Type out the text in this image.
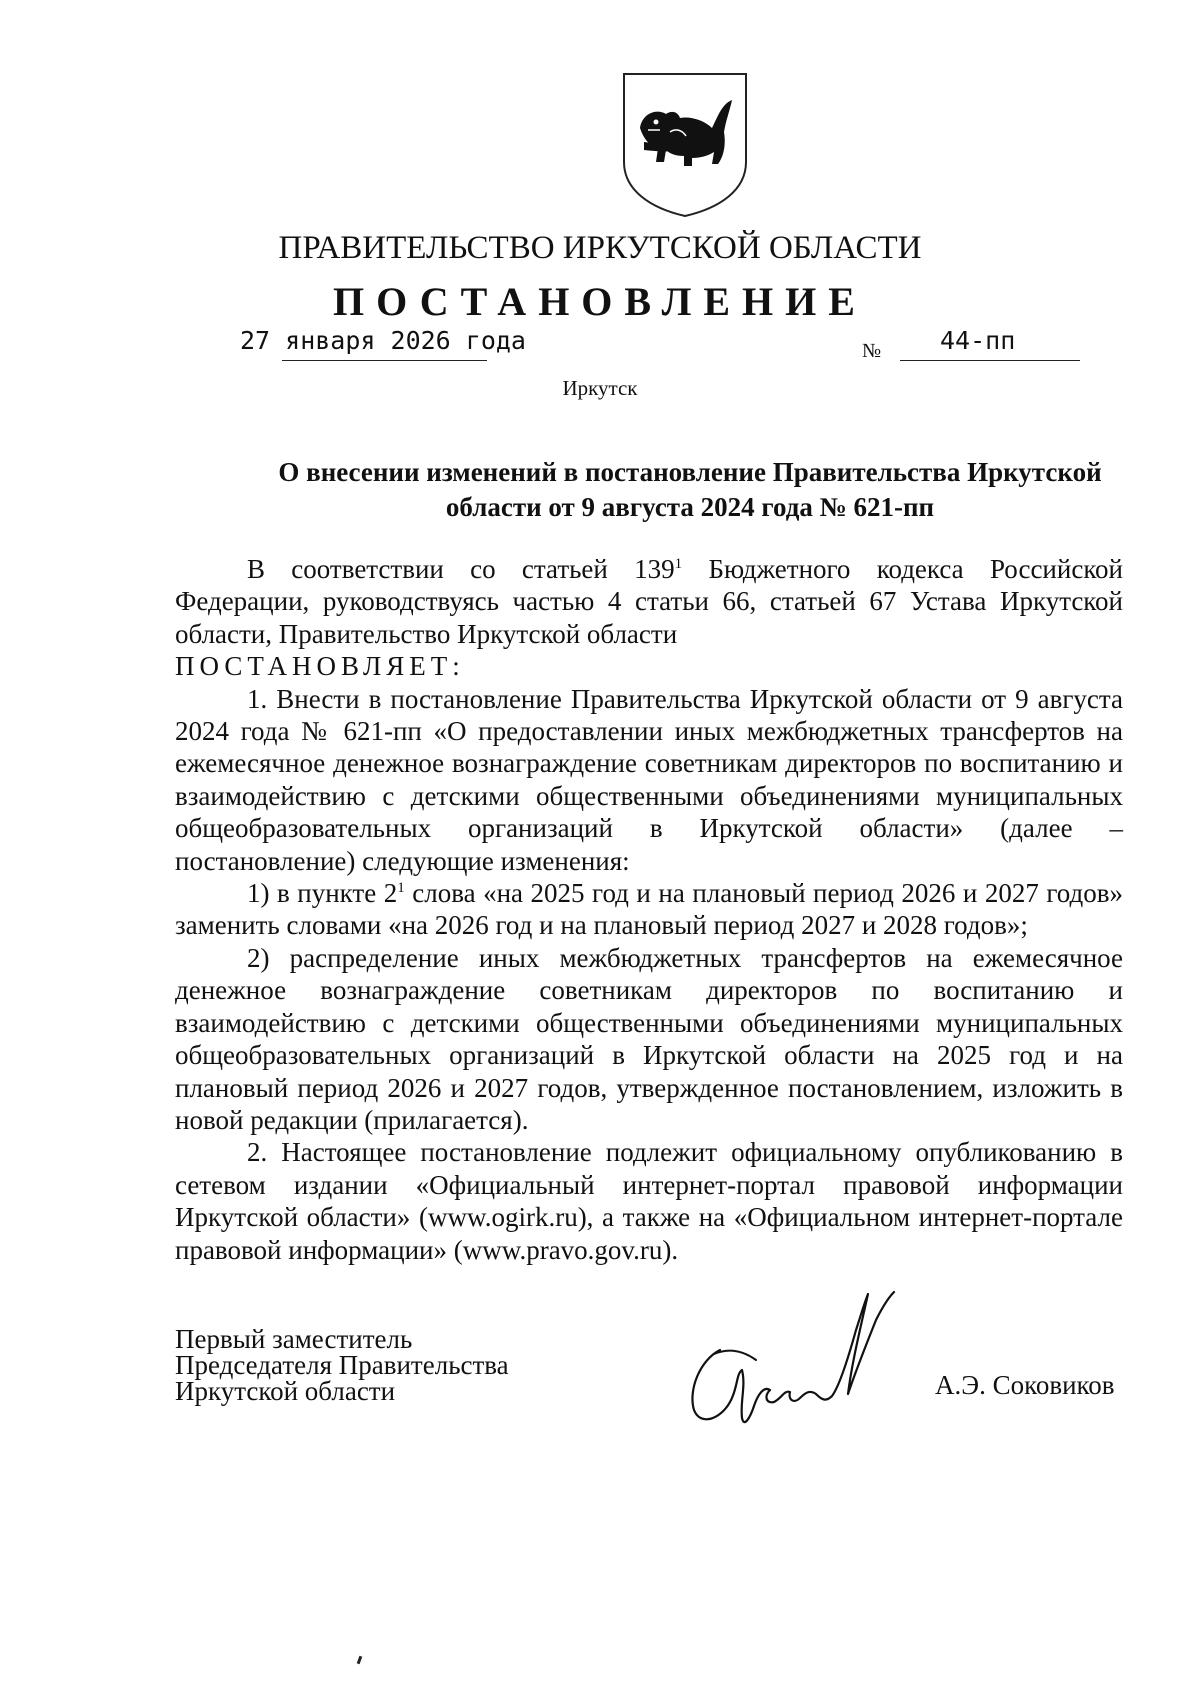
ПРАВИТЕЛЬСТВО ИРКУТСКОЙ ОБЛАСТИ
ПОСТАНОВЛЕНИЕ
27 января 2026 года	№ 44-пп
Иркутск
О внесении изменений в постановление Правительства Иркутской
области от 9 августа 2024 года № 621-пп

В соответствии со статьей $139^1$ Бюджетного кодекса Российской Федерации, руководствуясь частью 4 статьи 66, статьей 67 Устава Иркутской области, Правительство Иркутской области

ПОСТАНОВЛЯЕТ:

1. Внести в постановление Правительства Иркутской области от 9 августа 2024 года № 621-пп «О предоставлении иных межбюджетных трансфертов на ежемесячное денежное вознаграждение советникам директоров по воспитанию и взаимодействию с детскими общественными объединениями муниципальных общеобразовательных организаций в Иркутской области» (далее – постановление) следующие изменения:

1) в пункте $2^1$ слова «на 2025 год и на плановый период 2026 и 2027 годов» заменить словами «на 2026 год и на плановый период 2027 и 2028 годов»;

2) распределение иных межбюджетных трансфертов на ежемесячное денежное вознаграждение советникам директоров по воспитанию и взаимодействию с детскими общественными объединениями муниципальных общеобразовательных организаций в Иркутской области на 2025 год и на плановый период 2026 и 2027 годов, утвержденное постановлением, изложить в новой редакции (прилагается).

2. Настоящее постановление подлежит официальному опубликованию в сетевом издании «Официальный интернет-портал правовой информации Иркутской области» (www.ogirk.ru), а также на «Официальном интернет-портале правовой информации» (www.pravo.gov.ru).

Первый заместитель
Председателя Правительства
Иркутской области	А.Э. Соковиков
